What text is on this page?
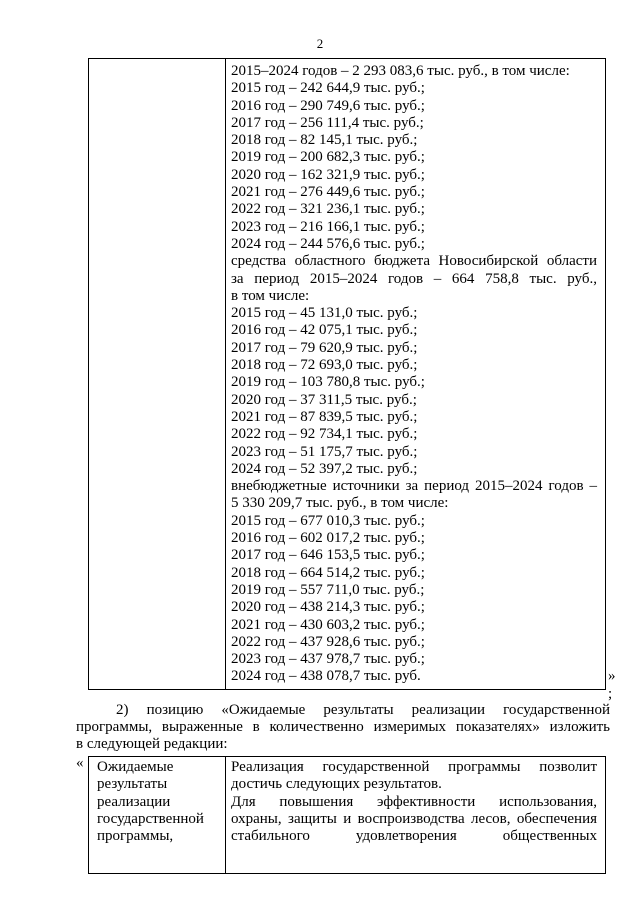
2
2015–2024 годов – 2 293 083,6 тыс. руб., в том числе:
2015 год – 242 644,9 тыс. руб.;
2016 год – 290 749,6 тыс. руб.;
2017 год – 256 111,4 тыс. руб.;
2018 год – 82 145,1 тыс. руб.;
2019 год – 200 682,3 тыс. руб.;
2020 год – 162 321,9 тыс. руб.;
2021 год – 276 449,6 тыс. руб.;
2022 год – 321 236,1 тыс. руб.;
2023 год – 216 166,1 тыс. руб.;
2024 год – 244 576,6 тыс. руб.;
средства областного бюджета Новосибирской области
за период 2015–2024 годов – 664 758,8 тыс. руб.,
в том числе:
2015 год – 45 131,0 тыс. руб.;
2016 год – 42 075,1 тыс. руб.;
2017 год – 79 620,9 тыс. руб.;
2018 год – 72 693,0 тыс. руб.;
2019 год – 103 780,8 тыс. руб.;
2020 год – 37 311,5 тыс. руб.;
2021 год – 87 839,5 тыс. руб.;
2022 год – 92 734,1 тыс. руб.;
2023 год – 51 175,7 тыс. руб.;
2024 год – 52 397,2 тыс. руб.;
внебюджетные источники за период 2015–2024 годов –
5 330 209,7 тыс. руб., в том числе:
2015 год – 677 010,3 тыс. руб.;
2016 год – 602 017,2 тыс. руб.;
2017 год – 646 153,5 тыс. руб.;
2018 год – 664 514,2 тыс. руб.;
2019 год – 557 711,0 тыс. руб.;
2020 год – 438 214,3 тыс. руб.;
2021 год – 430 603,2 тыс. руб.;
2022 год – 437 928,6 тыс. руб.;
2023 год – 437 978,7 тыс. руб.;
2024 год – 438 078,7 тыс. руб.	»
;
2) позицию «Ожидаемые результаты реализации государственной
программы, выраженные в количественно измеримых показателях» изложить
в следующей редакции:
« Ожидаемые
результаты
реализации
государственной
программы,
Реализация государственной программы позволит
достичь следующих результатов.
Для повышения эффективности использования,
охраны, защиты и воспроизводства лесов, обеспечения
стабильного удовлетворения общественных
